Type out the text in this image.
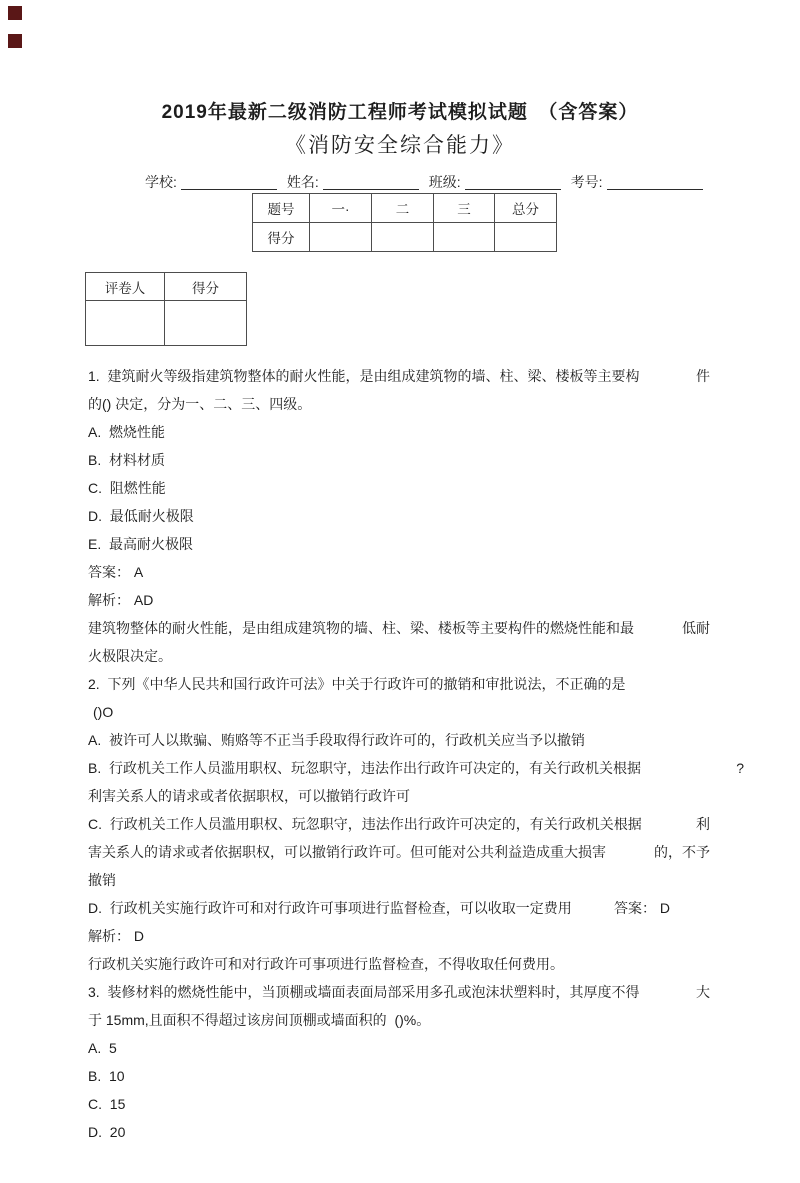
2019年最新二级消防工程师考试模拟试题　（含答案）
《消防安全综合能力》
学校:	姓名:	班级:	考号:
题号	一·	二	三	总分
得分				
评卷人	得分

1.  建筑耐火等级指建筑物整体的耐火性能，是由组成建筑物的墙、柱、梁、楼板等主要构	件
的() 决定，分为一、二、三、四级。
A.  燃烧性能
B.  材料材质
C.  阻燃性能
D.  最低耐火极限
E.  最高耐火极限
答案： A
解析： AD
建筑物整体的耐火性能，是由组成建筑物的墙、柱、梁、楼板等主要构件的燃烧性能和最	低耐
火极限决定。
2.  下列《中华人民共和国行政许可法》中关于行政许可的撤销和审批说法，不正确的是
()O
A.  被许可人以欺骗、贿赂等不正当手段取得行政许可的，行政机关应当予以撤销
B.  行政机关工作人员滥用职权、玩忽职守，违法作出行政许可决定的，有关行政机关根据	?
利害关系人的请求或者依据职权，可以撤销行政许可
C.  行政机关工作人员滥用职权、玩忽职守，违法作出行政许可决定的，有关行政机关根据	利
害关系人的请求或者依据职权，可以撤销行政许可。但可能对公共利益造成重大损害	的，不予
撤销
D.  行政机关实施行政许可和对行政许可事项进行监督检查，可以收取一定费用	答案： D
解析： D
行政机关实施行政许可和对行政许可事项进行监督检查，不得收取任何费用。
3.  装修材料的燃烧性能中，当顶棚或墙面表面局部采用多孔或泡沫状塑料时，其厚度不得	大
于 15mm,且面积不得超过该房间顶棚或墙面积的  ()%。
A.  5
B.  10
C.  15
D.  20
